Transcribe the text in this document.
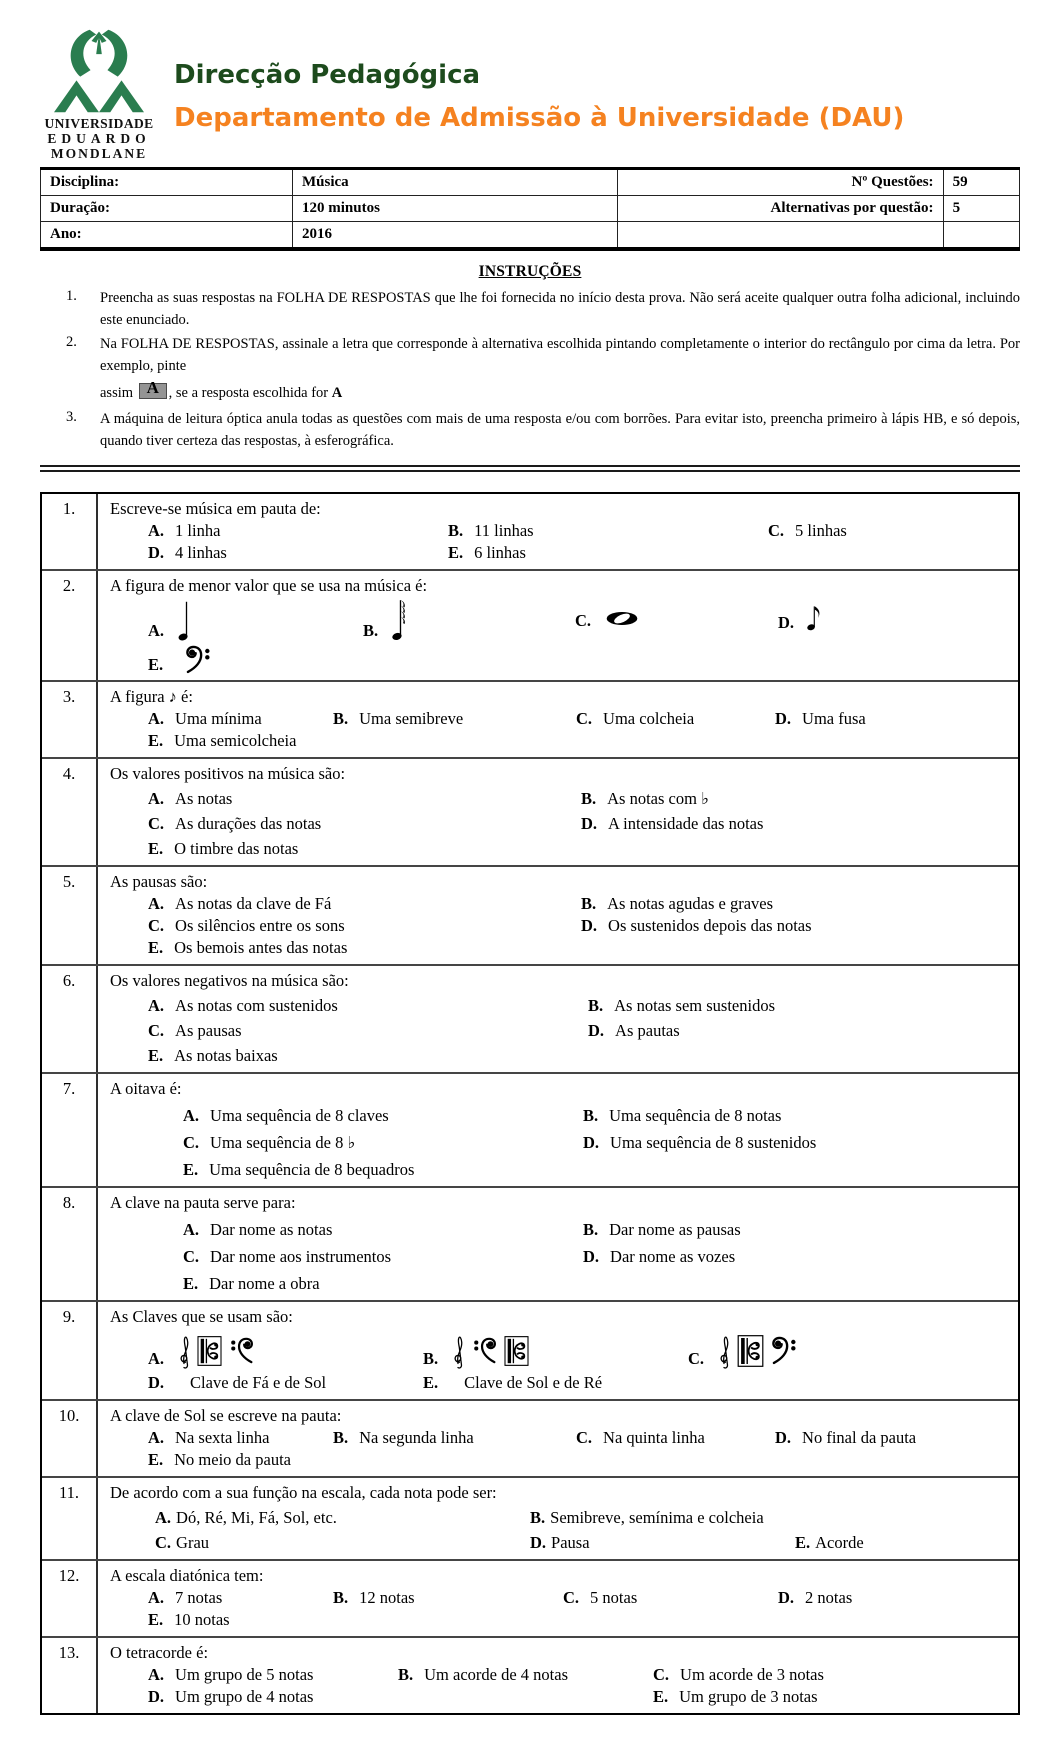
UNIVERSIDADE
EDUARDO
MONDLANE
Direcção Pedagógica
Departamento de Admissão à Universidade (DAU)
Disciplina:	Música	Nº Questões:	59
Duração:	120 minutos	Alternativas por questão:	5
Ano:	2016		
INSTRUÇÕES
1.	Preencha as suas respostas na FOLHA DE RESPOSTAS que lhe foi fornecida no início desta prova. Não será aceite qualquer outra folha adicional, incluindo este enunciado.
2.	Na FOLHA DE RESPOSTAS, assinale a letra que corresponde à alternativa escolhida pintando completamente o interior do rectângulo por cima da letra. Por exemplo, pinte
assim A , se a resposta escolhida for A
3.	A máquina de leitura óptica anula todas as questões com mais de uma resposta e/ou com borrões. Para evitar isto, preencha primeiro à lápis HB, e só depois, quando tiver certeza das respostas, à esferográfica.
1.	Escreve-se música em pauta de:
A. 1 linha	B. 11 linhas	C. 5 linhas
D. 4 linhas	E. 6 linhas
2.	A figura de menor valor que se usa na música é:
A.	B.
C.	D.
E.
3.	A figura ♪ é:
A. Uma mínima	B. Uma semibreve	C. Uma colcheia	D. Uma fusa
E. Uma semicolcheia
4.	Os valores positivos na música são:
A. As notas	B. As notas com ♭
C. As durações das notas	D. A intensidade das notas
E. O timbre das notas
5.	As pausas são:
A. As notas da clave de Fá	B. As notas agudas e graves
C. Os silêncios entre os sons	D. Os sustenidos depois das notas
E. Os bemois antes das notas
6.	Os valores negativos na música são:
A. As notas com sustenidos	B. As notas sem sustenidos
C. As pausas	D. As pautas
E. As notas baixas
7.	A oitava é:
A. Uma sequência de 8 claves	B. Uma sequência de 8 notas
C. Uma sequência de 8 ♭	D. Uma sequência de 8 sustenidos
E. Uma sequência de 8 bequadros
8.	A clave na pauta serve para:
A. Dar nome as notas	B. Dar nome as pausas
C. Dar nome aos instrumentos	D. Dar nome as vozes
E. Dar nome a obra
9.	As Claves que se usam são:
A.	B.	C.
D. Clave de Fá e de Sol	E. Clave de Sol e de Ré
10.	A clave de Sol se escreve na pauta:
A. Na sexta linha	B. Na segunda linha	C. Na quinta linha	D. No final da pauta
E. No meio da pauta
11.	De acordo com a sua função na escala, cada nota pode ser:
A. Dó, Ré, Mi, Fá, Sol, etc.	B. Semibreve, semínima e colcheia
C. Grau	D. Pausa	E. Acorde
12.	A escala diatónica tem:
A. 7 notas	B. 12 notas	C. 5 notas	D. 2 notas
E. 10 notas
13.	O tetracorde é:
A. Um grupo de 5 notas	B. Um acorde de 4 notas	C. Um acorde de 3 notas
D. Um grupo de 4 notas	E. Um grupo de 3 notas
